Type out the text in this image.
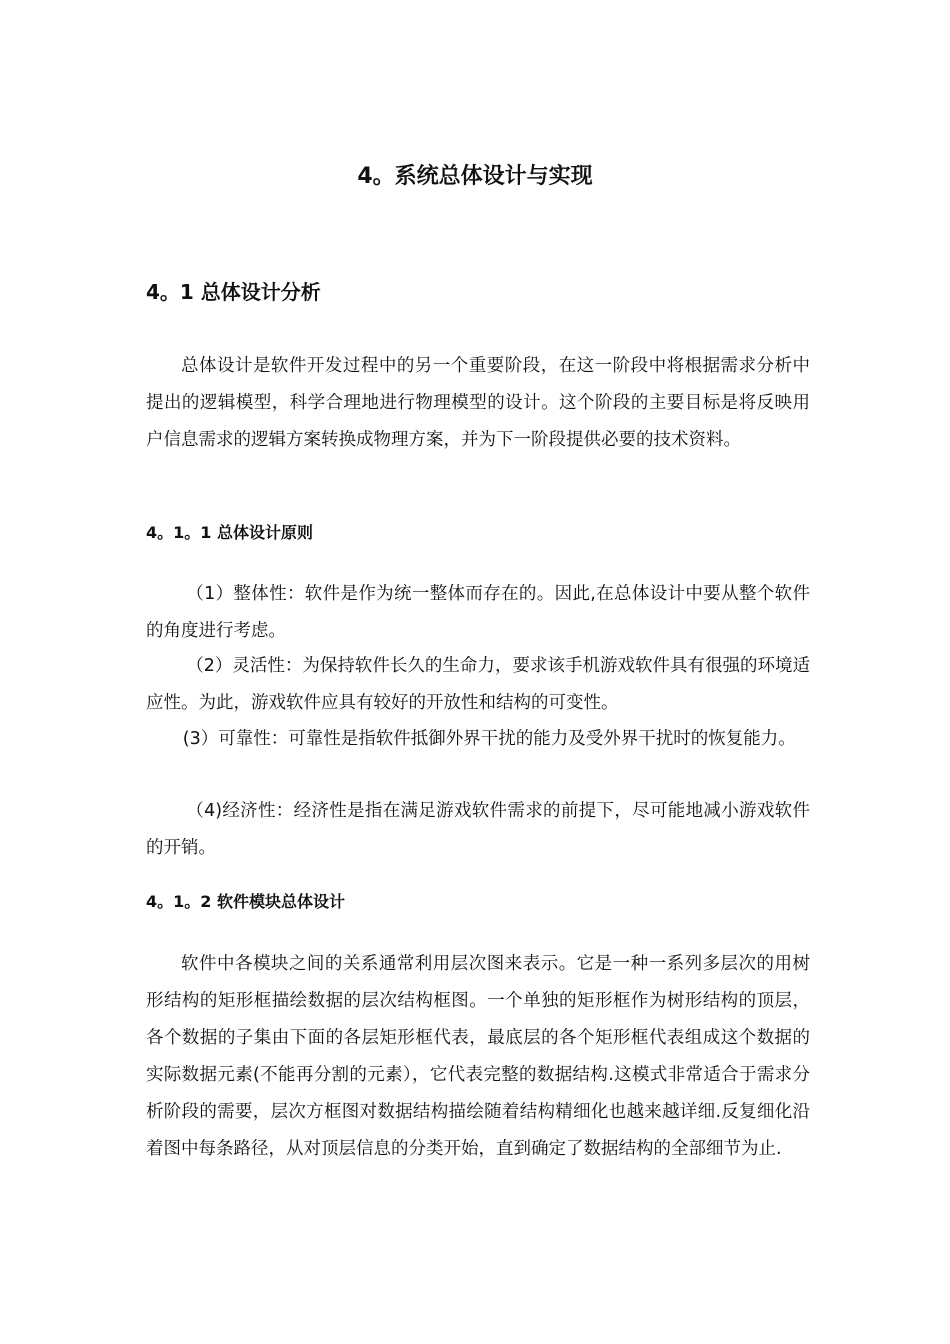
4。系统总体设计与实现
4。1 总体设计分析

总体设计是软件开发过程中的另一个重要阶段，在这一阶段中将根据需求分析中提出的逻辑模型，科学合理地进行物理模型的设计。这个阶段的主要目标是将反映用户信息需求的逻辑方案转换成物理方案，并为下一阶段提供必要的技术资料。

4。1。1 总体设计原则

（1）整体性：软件是作为统一整体而存在的。因此,在总体设计中要从整个软件的角度进行考虑。

（2）灵活性：为保持软件长久的生命力，要求该手机游戏软件具有很强的环境适应性。为此，游戏软件应具有较好的开放性和结构的可变性。

(3）可靠性：可靠性是指软件抵御外界干扰的能力及受外界干扰时的恢复能力。

（4)经济性：经济性是指在满足游戏软件需求的前提下，尽可能地减小游戏软件的开销。

4。1。2 软件模块总体设计

软件中各模块之间的关系通常利用层次图来表示。它是一种一系列多层次的用树形结构的矩形框描绘数据的层次结构框图。一个单独的矩形框作为树形结构的顶层，各个数据的子集由下面的各层矩形框代表，最底层的各个矩形框代表组成这个数据的实际数据元素(不能再分割的元素），它代表完整的数据结构.这模式非常适合于需求分析阶段的需要，层次方框图对数据结构描绘随着结构精细化也越来越详细.反复细化沿着图中每条路径，从对顶层信息的分类开始，直到确定了数据结构的全部细节为止.
